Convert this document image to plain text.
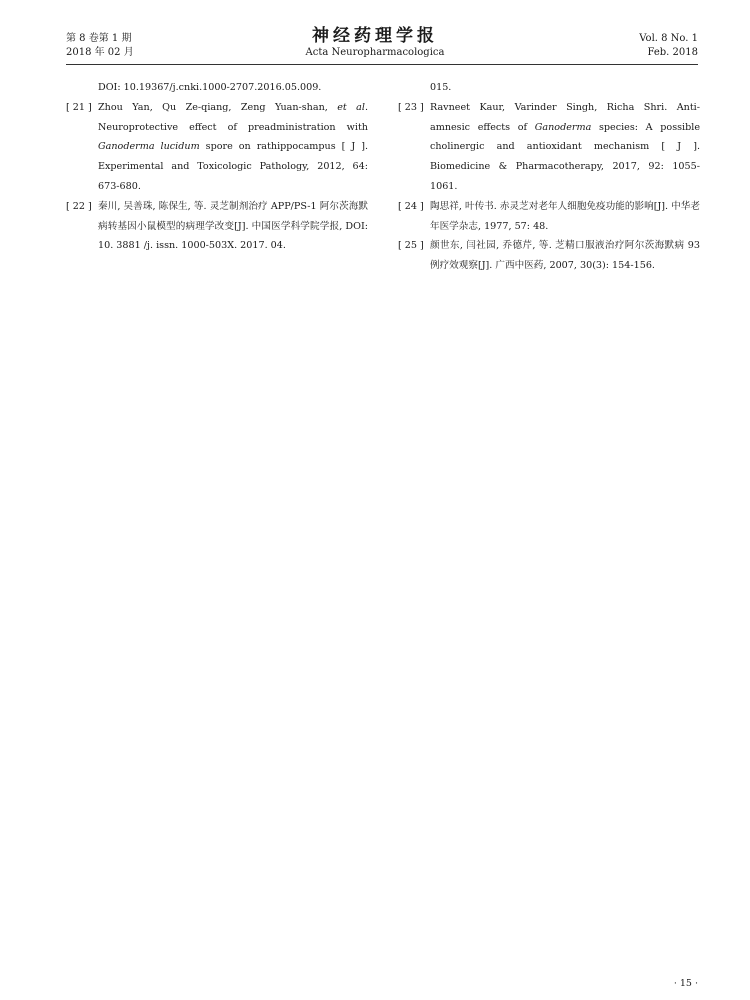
第 8 卷第 1 期
2018 年 02 月
神经药理学报
Acta Neuropharmacologica
Vol. 8 No. 1
Feb. 2018
DOI: 10.19367/j.cnki.1000-2707.2016.05.009.
[ 21 ] Zhou Yan, Qu Ze-qiang, Zeng Yuan-shan, et al. Neuroprotective effect of preadministration with Ganoderma lucidum spore on rathippocampus [ J ]. Experimental and Toxicologic Pathology, 2012, 64: 673-680.
[ 22 ] 秦川, 吴善珠, 陈保生, 等. 灵芝制剂治疗 APP/PS-1 阿尔茨海默病转基因小鼠模型的病理学改变[J]. 中国医学科学院学报, DOI: 10. 3881 /j. issn. 1000-503X. 2017. 04.
015.
[ 23 ] Ravneet Kaur, Varinder Singh, Richa Shri. Anti-amnesic effects of Ganoderma species: A possible cholinergic and antioxidant mechanism [ J ]. Biomedicine & Pharmacotherapy, 2017, 92: 1055-1061.
[ 24 ] 陶思祥, 叶传书. 赤灵芝对老年人细胞免疫功能的影响[J]. 中华老年医学杂志, 1977, 57: 48.
[ 25 ] 颜世东, 闫社园, 乔德芹, 等. 芝精口服液治疗阿尔茨海默病 93 例疗效观察[J]. 广西中医药, 2007, 30(3): 154-156.
· 15 ·
